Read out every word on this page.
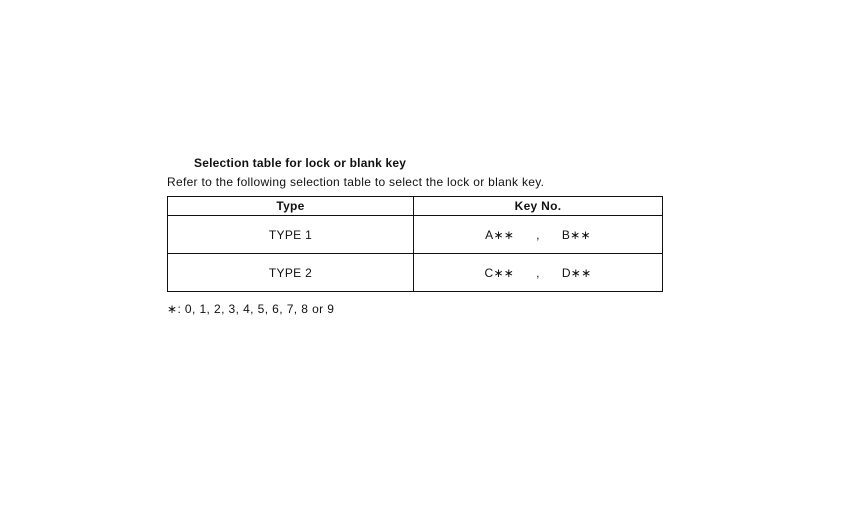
Selection table for lock or blank key
Refer to the following selection table to select the lock or blank key.
Type	Key No.
TYPE 1	A∗∗ , B∗∗
TYPE 2	C∗∗ , D∗∗
∗: 0, 1, 2, 3, 4, 5, 6, 7, 8 or 9
